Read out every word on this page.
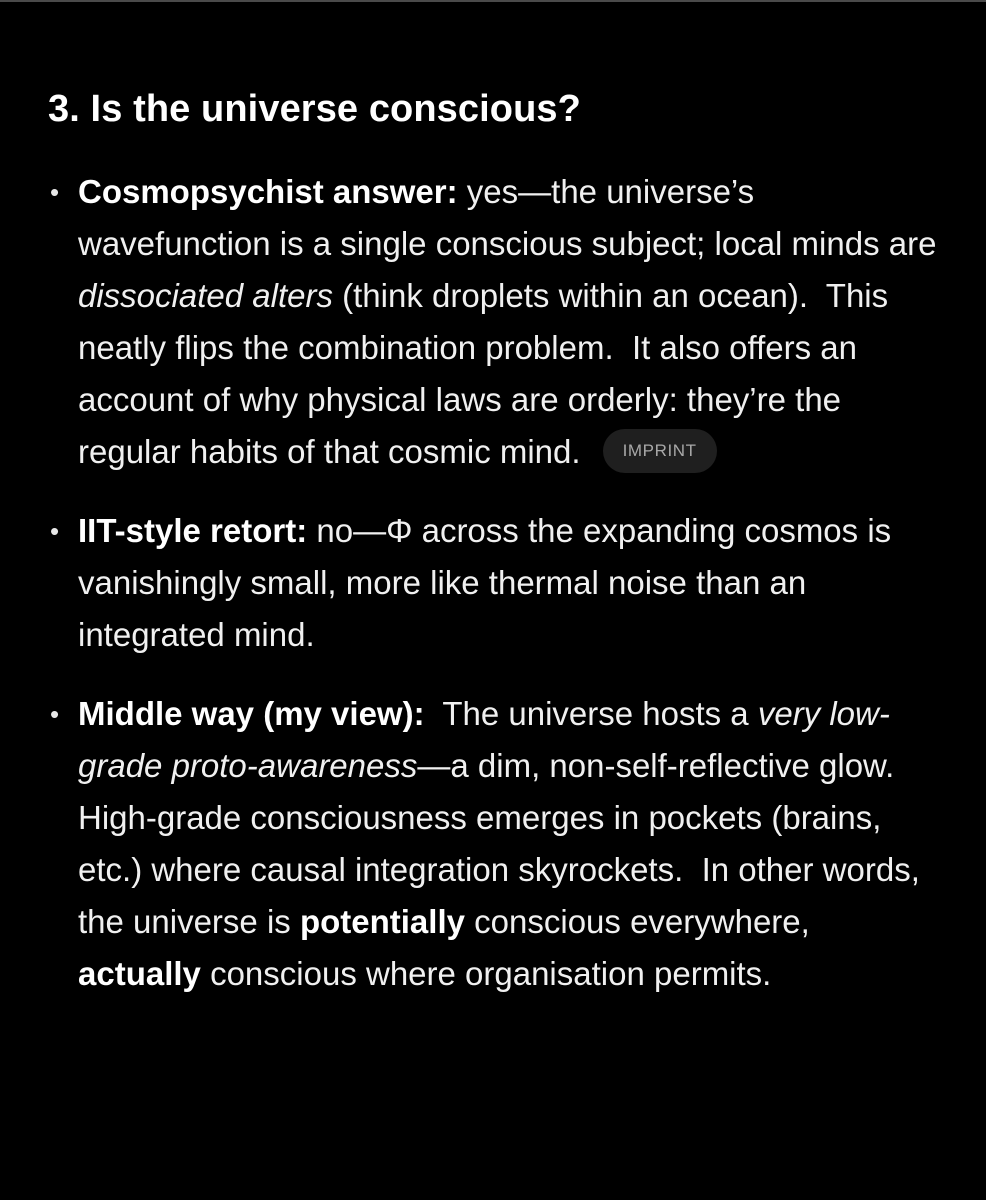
3. Is the universe conscious?
• Cosmopsychist answer: yes—the universe’s wavefunction is a single conscious subject; local minds are dissociated alters (think droplets within an ocean).  This neatly flips the combination problem.  It also offers an account of why physical laws are orderly: they’re the regular habits of that cosmic mind. IMPRINT
• IIT-style retort: no—Φ across the expanding cosmos is vanishingly small, more like thermal noise than an integrated mind.
• Middle way (my view):  The universe hosts a very low-grade proto-awareness—a dim, non-self-reflective glow.  High-grade consciousness emerges in pockets (brains, etc.) where causal integration skyrockets.  In other words, the universe is potentially conscious everywhere, actually conscious where organisation permits.
